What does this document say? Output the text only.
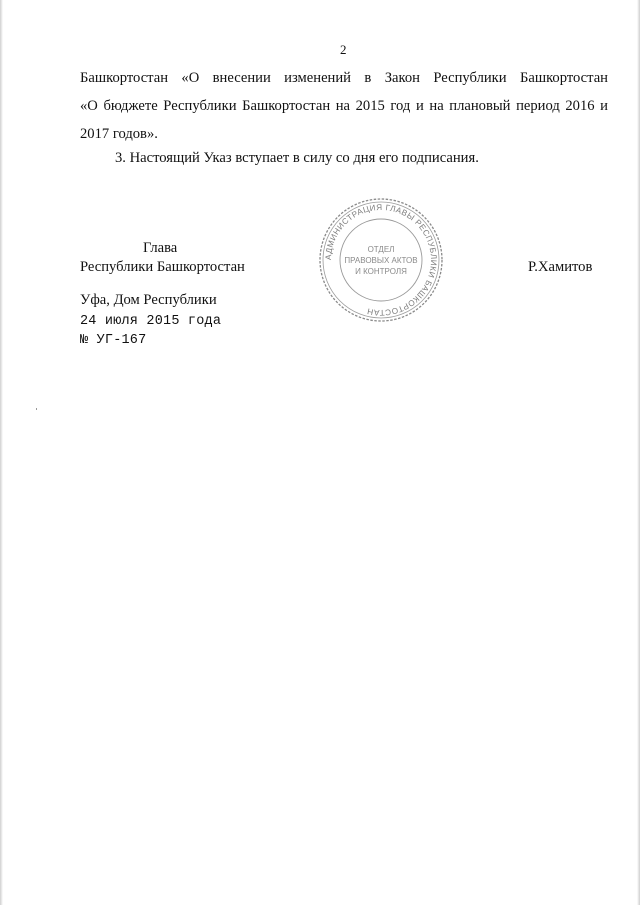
2
Башкортостан «О внесении изменений в Закон Республики Башкортостан
«О бюджете Республики Башкортостан на 2015 год и на плановый период 2016 и
2017 годов».
3. Настоящий Указ вступает в силу со дня его подписания.
Глава
Республики Башкортостан	Р.Хамитов
АДМИНИСТРАЦИЯ ГЛАВЫ РЕСПУБЛИКИ БАШКОРТОСТАН
ОТДЕЛ
ПРАВОВЫХ АКТОВ
И КОНТРОЛЯ
Уфа, Дом Республики
24 июля 2015 года
№ УГ-167
